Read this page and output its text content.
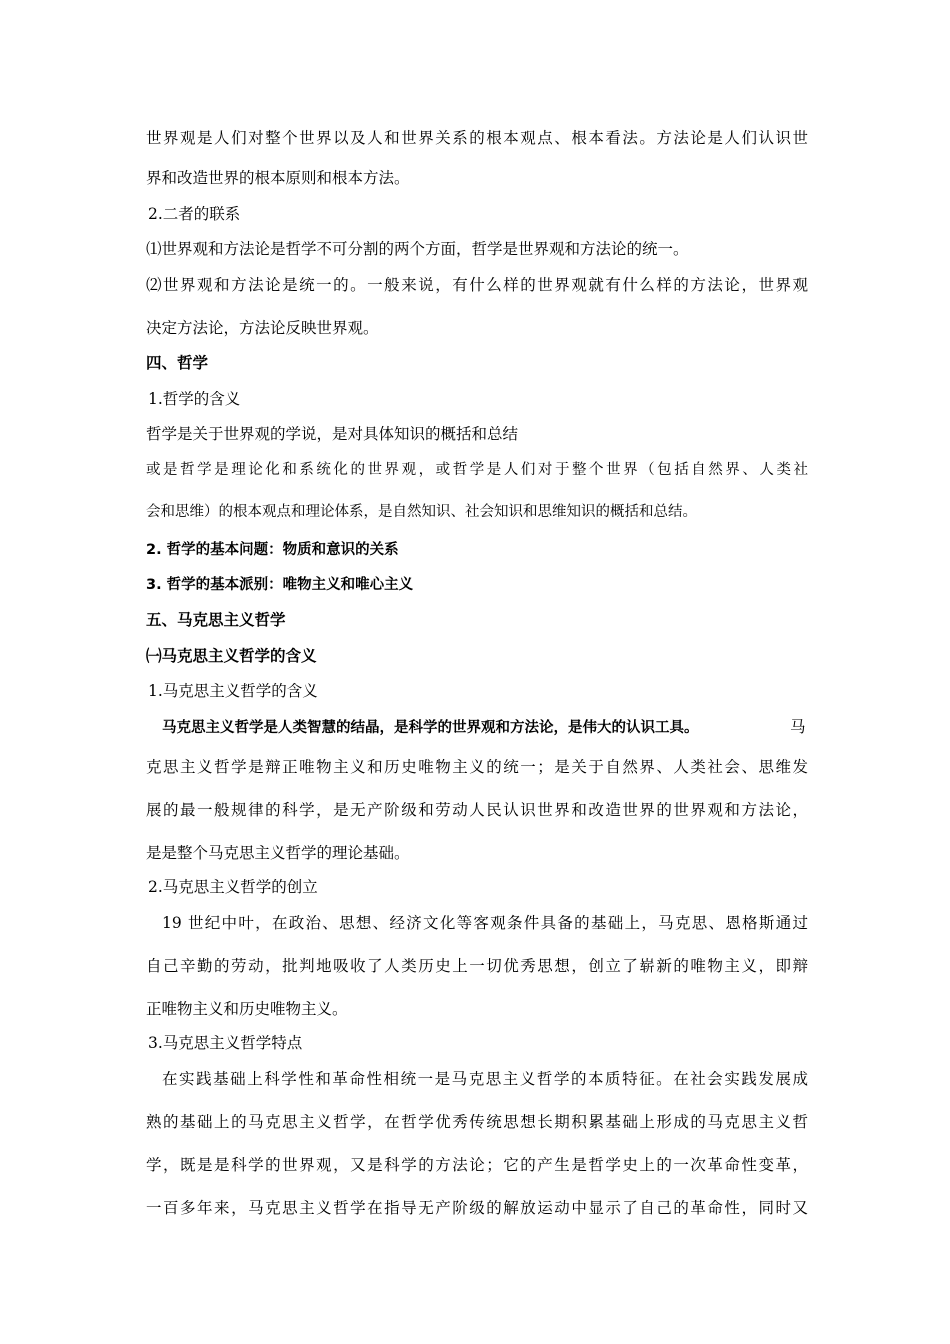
世界观是人们对整个世界以及人和世界关系的根本观点、根本看法。方法论是人们认识世
界和改造世界的根本原则和根本方法。
2.二者的联系
⑴世界观和方法论是哲学不可分割的两个方面，哲学是世界观和方法论的统一。
⑵世界观和方法论是统一的。一般来说，有什么样的世界观就有什么样的方法论，世界观
决定方法论，方法论反映世界观。
四、哲学
1.哲学的含义
哲学是关于世界观的学说，是对具体知识的概括和总结
或是哲学是理论化和系统化的世界观，或哲学是人们对于整个世界（包括自然界、人类社
会和思维）的根本观点和理论体系，是自然知识、社会知识和思维知识的概括和总结。
2. 哲学的基本问题：物质和意识的关系
3. 哲学的基本派别：唯物主义和唯心主义
五、马克思主义哲学
㈠马克思主义哲学的含义
1.马克思主义哲学的含义
马克思主义哲学是人类智慧的结晶，是科学的世界观和方法论，是伟大的认识工具。	马
克思主义哲学是辩正唯物主义和历史唯物主义的统一；是关于自然界、人类社会、思维发
展的最一般规律的科学，是无产阶级和劳动人民认识世界和改造世界的世界观和方法论，
是是整个马克思主义哲学的理论基础。
2.马克思主义哲学的创立
19 世纪中叶，在政治、思想、经济文化等客观条件具备的基础上，马克思、恩格斯通过
自己辛勤的劳动，批判地吸收了人类历史上一切优秀思想，创立了崭新的唯物主义，即辩
正唯物主义和历史唯物主义。
3.马克思主义哲学特点
在实践基础上科学性和革命性相统一是马克思主义哲学的本质特征。在社会实践发展成
熟的基础上的马克思主义哲学，在哲学优秀传统思想长期积累基础上形成的马克思主义哲
学，既是是科学的世界观，又是科学的方法论；它的产生是哲学史上的一次革命性变革，
一百多年来，马克思主义哲学在指导无产阶级的解放运动中显示了自己的革命性，同时又
